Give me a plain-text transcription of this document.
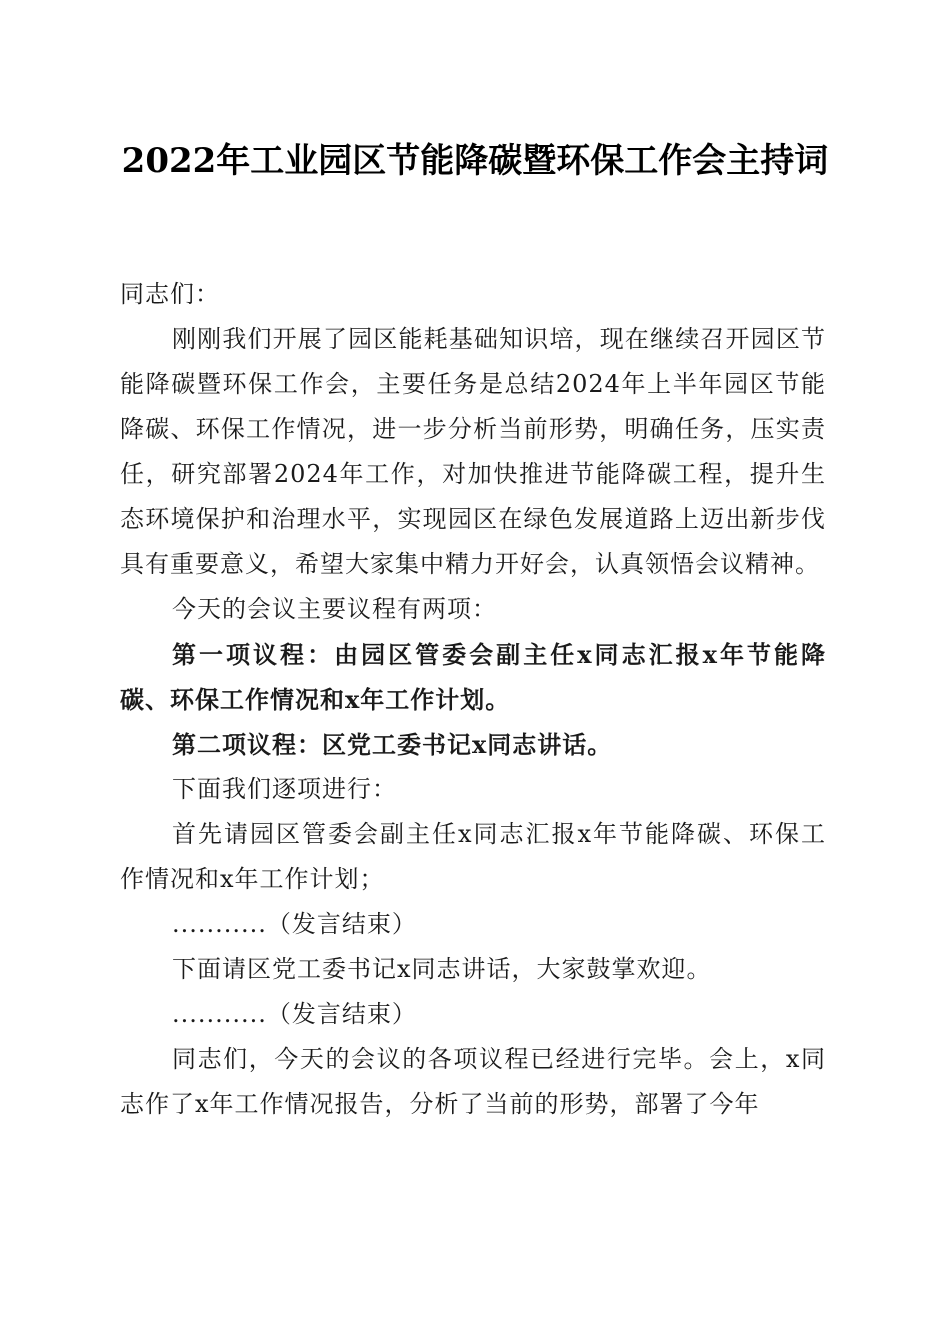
2022年工业园区节能降碳暨环保工作会主持词

同志们：

刚刚我们开展了园区能耗基础知识培，现在继续召开园区节能降碳暨环保工作会，主要任务是总结2024年上半年园区节能降碳、环保工作情况，进一步分析当前形势，明确任务，压实责任，研究部署2024年工作，对加快推进节能降碳工程，提升生态环境保护和治理水平，实现园区在绿色发展道路上迈出新步伐具有重要意义，希望大家集中精力开好会，认真领悟会议精神。

今天的会议主要议程有两项：

第一项议程：由园区管委会副主任x同志汇报x年节能降碳、环保工作情况和x年工作计划。

第二项议程：区党工委书记x同志讲话。

下面我们逐项进行：

首先请园区管委会副主任x同志汇报x年节能降碳、环保工作情况和x年工作计划；

...........（发言结束）

下面请区党工委书记x同志讲话，大家鼓掌欢迎。

...........（发言结束）

同志们，今天的会议的各项议程已经进行完毕。会上，x同志作了x年工作情况报告，分析了当前的形势，部署了今年
